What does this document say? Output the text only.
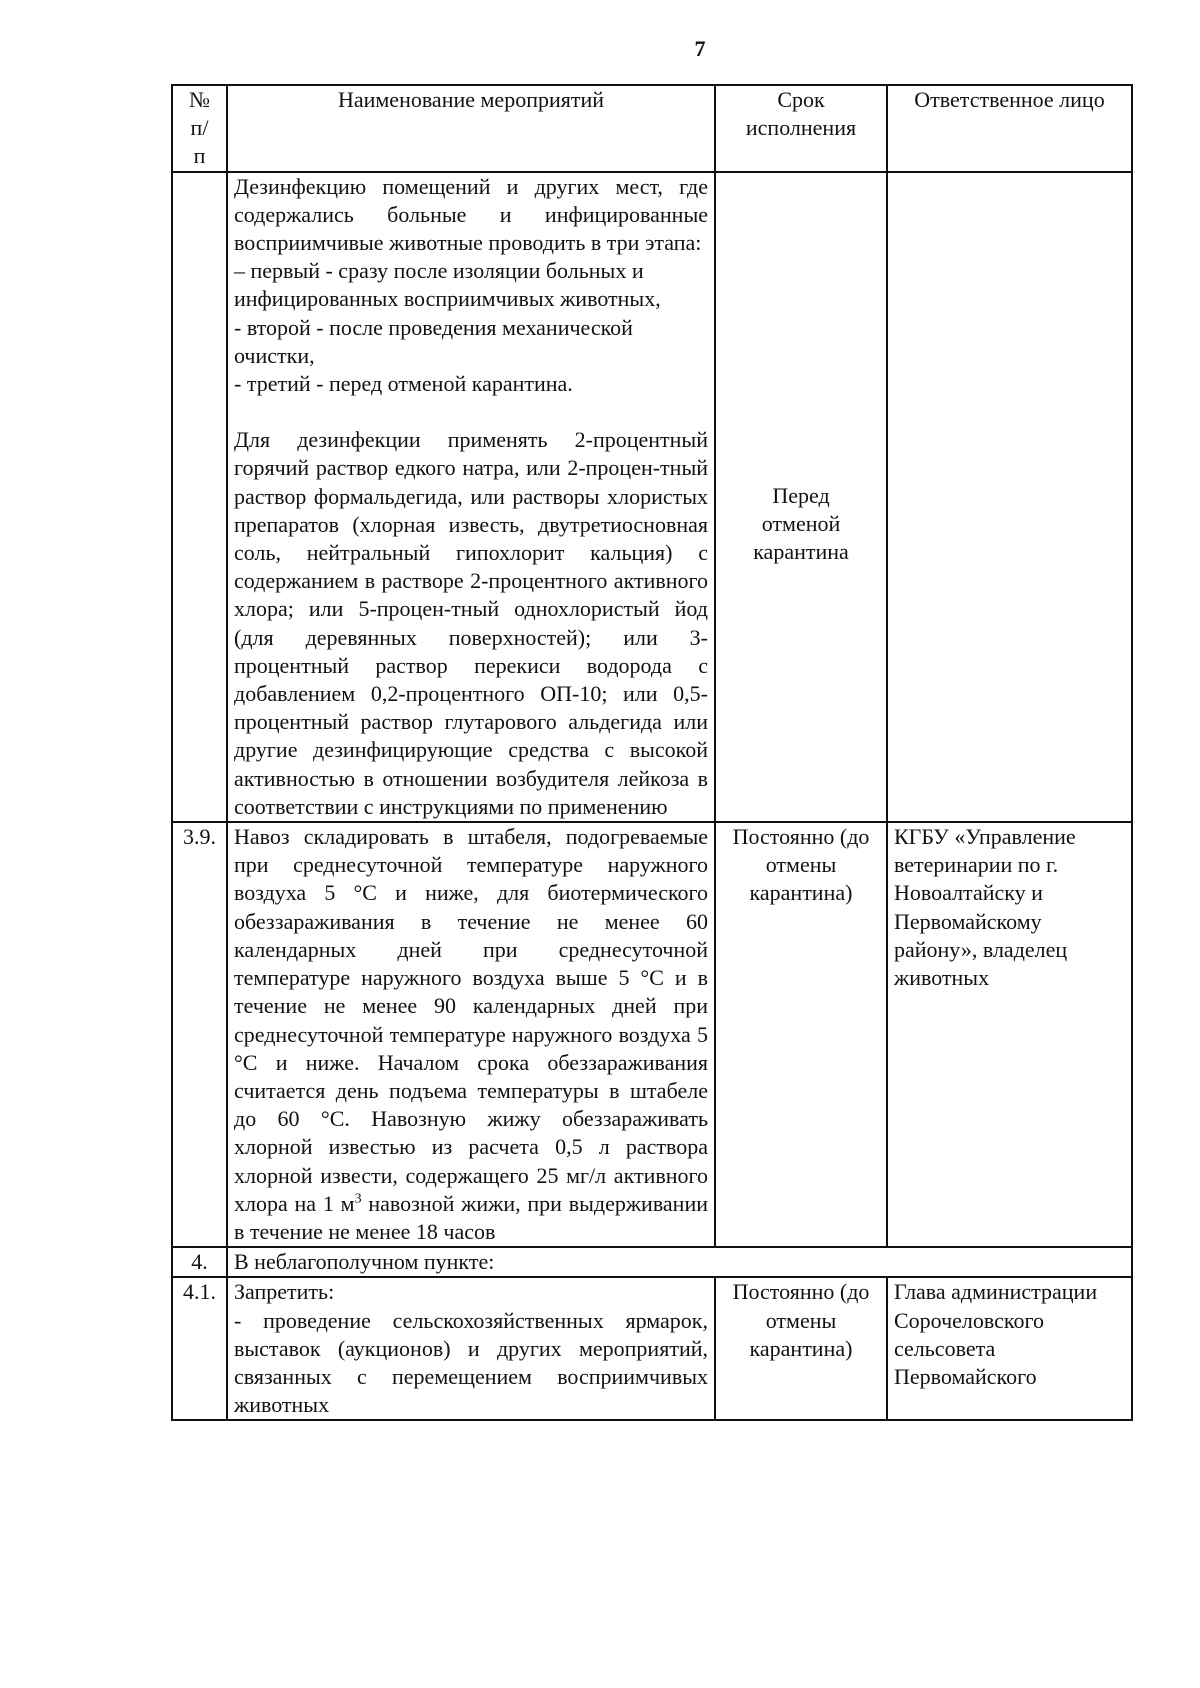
7
№ п/п	Наименование мероприятий	Срок исполнения	Ответственное лицо

	Дезинфекцию помещений и других мест, где содержались больные и инфицированные восприимчивые животные проводить в три этапа:
– первый - сразу после изоляции больных и инфицированных восприимчивых животных,
- второй - после проведения механической очистки,
- третий - перед отменой карантина.
Для дезинфекции применять 2-процентный горячий раствор едкого натра, или 2-процен-тный раствор формальдегида, или растворы хлористых препаратов (хлорная известь, двутретиосновная соль, нейтральный гипохлорит кальция) с содержанием в растворе 2-процентного активного хлора; или 5-процен-тный однохлористый йод (для деревянных поверхностей); или 3-процентный раствор перекиси водорода с добавлением 0,2-процентного ОП-10; или 0,5-процентный раствор глутарового альдегида или другие дезинфицирующие средства с высокой активностью в отношении возбудителя лейкоза в соответствии с инструкциями по применению	Перед отменой карантина	

3.9.	Навоз складировать в штабеля, подогреваемые при среднесуточной температуре наружного воздуха 5 °С и ниже, для биотермического обеззараживания в течение не менее 60 календарных дней при среднесуточной температуре наружного воздуха выше 5 °С и в течение не менее 90 календарных дней при среднесуточной температуре наружного воздуха 5 °С и ниже. Началом срока обеззараживания считается день подъема температуры в штабеле до 60 °С. Навозную жижу обеззараживать хлорной известью из расчета 0,5 л раствора хлорной извести, содержащего 25 мг/л активного хлора на 1 $м^3$ навозной жижи, при выдерживании в течение не менее 18 часов	Постоянно (до отмены карантина)	КГБУ «Управление ветеринарии по г. Новоалтайску и Первомайскому району», владелец животных
4.	В неблагополучном пункте:		
4.1.	Запретить:
- проведение сельскохозяйственных ярмарок, выставок (аукционов) и других мероприятий, связанных с перемещением восприимчивых животных	Постоянно (до отмены карантина)	Глава администрации Сорочеловского сельсовета Первомайского
